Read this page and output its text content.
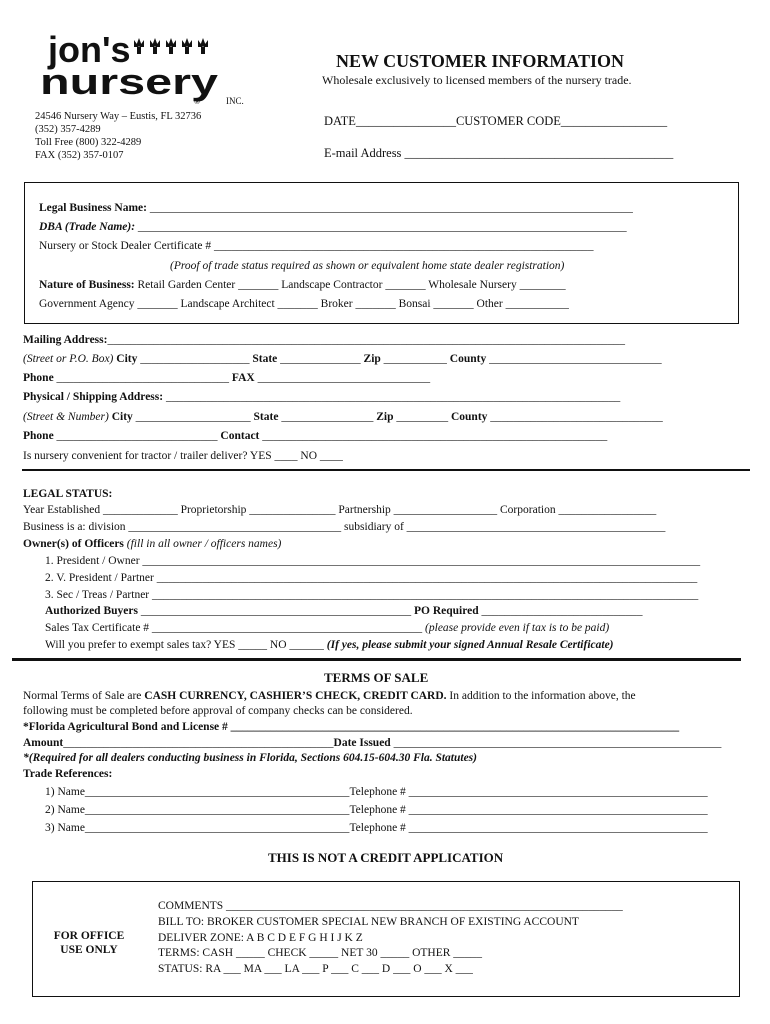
jon's
nursery
®	INC.
24546 Nursery Way – Eustis, FL 32736
(352) 357-4289
Toll Free (800) 322-4289
FAX (352) 357-0107
NEW CUSTOMER INFORMATION
Wholesale exclusively to licensed members of the nursery trade.
DATE________________CUSTOMER CODE_________________
E-mail Address ___________________________________________
Legal Business Name: ____________________________________________________________________________________
DBA (Trade Name): _____________________________________________________________________________________
Nursery or Stock Dealer Certificate # __________________________________________________________________
(Proof of trade status required as shown or equivalent home state dealer registration)
Nature of Business: Retail Garden Center _______ Landscape Contractor _______ Wholesale Nursery ________
Government Agency _______ Landscape Architect _______ Broker _______ Bonsai _______ Other ___________
Mailing Address:__________________________________________________________________________________________
(Street or P.O. Box) City ___________________ State ______________ Zip ___________ County ______________________________
Phone ______________________________ FAX ______________________________
Physical / Shipping Address: _______________________________________________________________________________
(Street & Number) City ____________________ State ________________ Zip _________ County ______________________________
Phone ____________________________ Contact ____________________________________________________________
Is nursery convenient for tractor / trailer deliver? YES ____ NO ____
LEGAL STATUS:
Year Established _____________ Proprietorship _______________ Partnership __________________ Corporation _________________
Business is a: division _____________________________________ subsidiary of _____________________________________________
Owner(s) of Officers (fill in all owner / officers names)
1. President / Owner _________________________________________________________________________________________________
2. V. President / Partner ______________________________________________________________________________________________
3. Sec / Treas / Partner _______________________________________________________________________________________________
Authorized Buyers _______________________________________________ PO Required ____________________________
Sales Tax Certificate # _______________________________________________ (please provide even if tax is to be paid)
Will you prefer to exempt sales tax? YES _____ NO ______ (If yes, please submit your signed Annual Resale Certificate)
TERMS OF SALE
Normal Terms of Sale are CASH CURRENCY, CASHIER’S CHECK, CREDIT CARD. In addition to the information above, the
following must be completed before approval of company checks can be considered.
*Florida Agricultural Bond and License # ______________________________________________________________________________
Amount_______________________________________________Date Issued _________________________________________________________
*(Required for all dealers conducting business in Florida, Sections 604.15-604.30 Fla. Statutes)
Trade References:
1) Name______________________________________________Telephone # ____________________________________________________
2) Name______________________________________________Telephone # ____________________________________________________
3) Name______________________________________________Telephone # ____________________________________________________
THIS IS NOT A CREDIT APPLICATION
FOR OFFICE
USE ONLY
COMMENTS _____________________________________________________________________
BILL TO: BROKER CUSTOMER SPECIAL NEW BRANCH OF EXISTING ACCOUNT
DELIVER ZONE: A B C D E F G H I J K Z
TERMS: CASH _____ CHECK _____ NET 30 _____ OTHER _____
STATUS: RA ___ MA ___ LA ___ P ___ C ___ D ___ O ___ X ___
